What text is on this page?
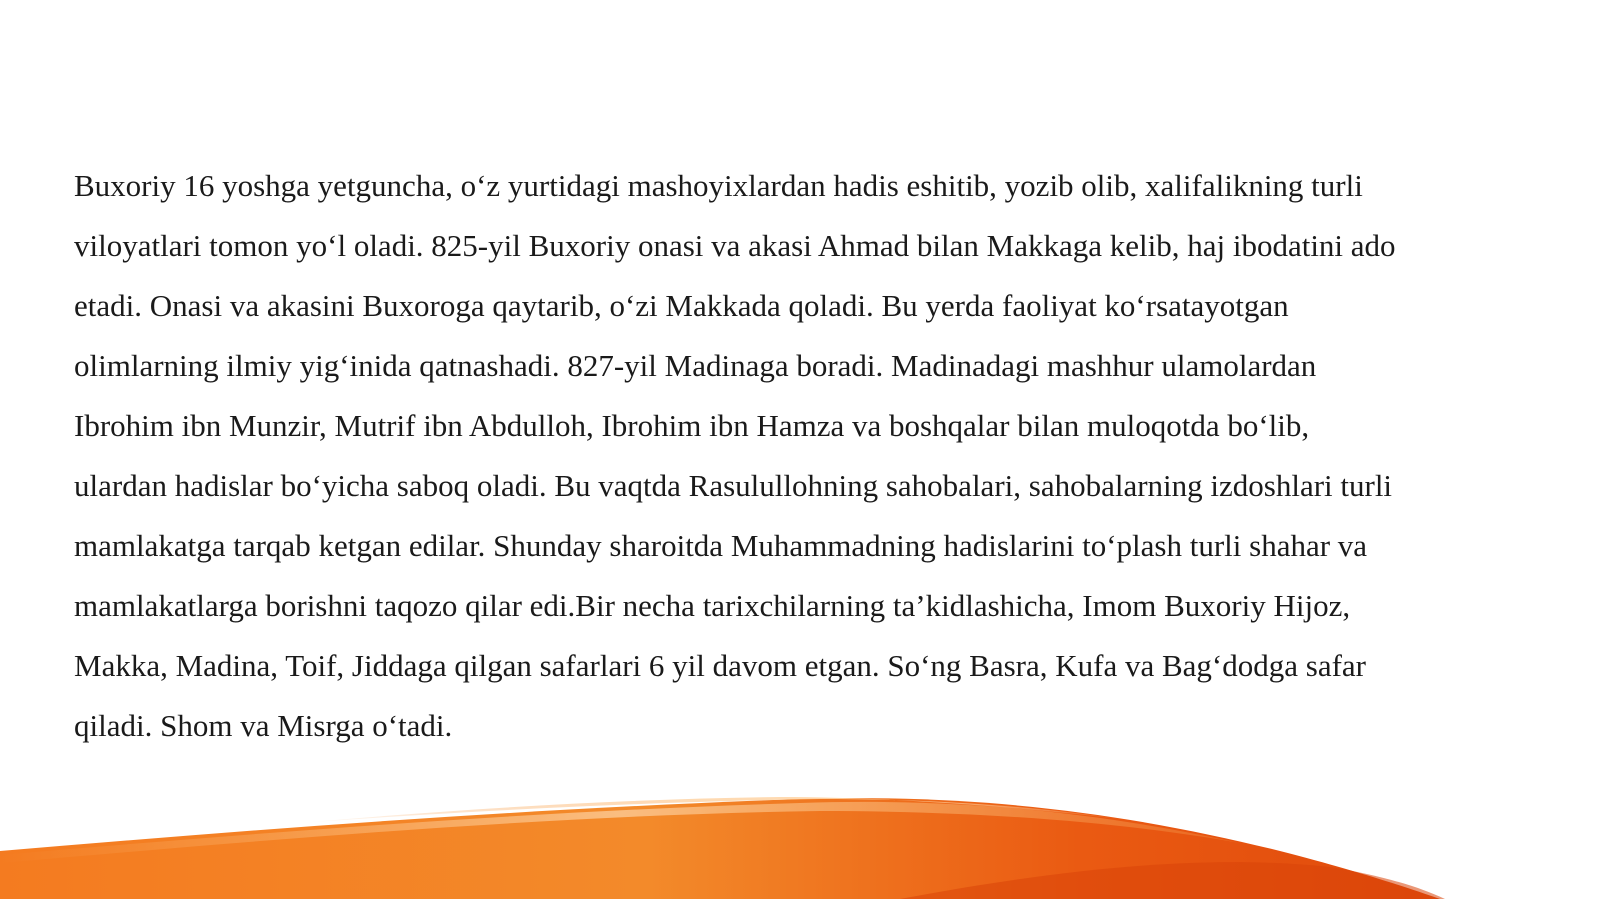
Buxoriy 16 yoshga yetguncha, o‘z yurtidagi mashoyixlardan hadis eshitib, yozib olib, xalifalikning turli
viloyatlari tomon yo‘l oladi. 825-yil Buxoriy onasi va akasi Ahmad bilan Makkaga kelib, haj ibodatini ado
etadi. Onasi va akasini Buxoroga qaytarib, o‘zi Makkada qoladi. Bu yerda faoliyat ko‘rsatayotgan
olimlarning ilmiy yig‘inida qatnashadi. 827-yil Madinaga boradi. Madinadagi mashhur ulamolardan
Ibrohim ibn Munzir, Mutrif ibn Abdulloh, Ibrohim ibn Hamza va boshqalar bilan muloqotda bo‘lib,
ulardan hadislar bo‘yicha saboq oladi. Bu vaqtda Rasulullohning sahobalari, sahobalarning izdoshlari turli
mamlakatga tarqab ketgan edilar. Shunday sharoitda Muhammadning hadislarini to‘plash turli shahar va
mamlakatlarga borishni taqozo qilar edi.Bir necha tarixchilarning ta’kidlashicha, Imom Buxoriy Hijoz,
Makka, Madina, Toif, Jiddaga qilgan safarlari 6 yil davom etgan. So‘ng Basra, Kufa va Bag‘dodga safar
qiladi. Shom va Misrga o‘tadi.
